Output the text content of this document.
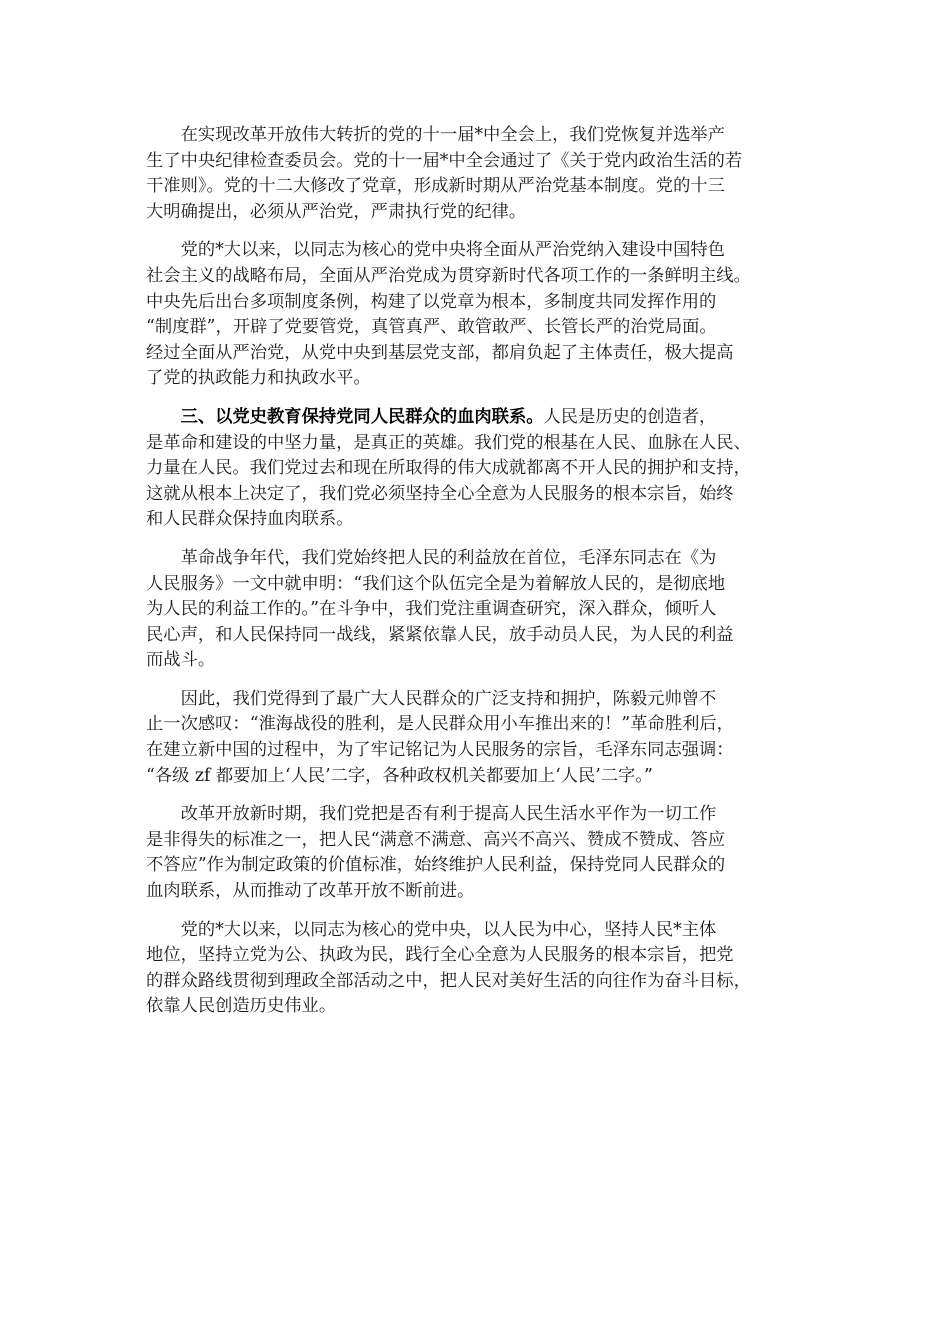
在实现改革开放伟大转折的党的十一届*中全会上，我们党恢复并选举产
生了中央纪律检查委员会。党的十一届*中全会通过了《关于党内政治生活的若
干准则》。党的十二大修改了党章，形成新时期从严治党基本制度。党的十三
大明确提出，必须从严治党，严肃执行党的纪律。

党的*大以来，以同志为核心的党中央将全面从严治党纳入建设中国特色
社会主义的战略布局，全面从严治党成为贯穿新时代各项工作的一条鲜明主线。
中央先后出台多项制度条例，构建了以党章为根本，多制度共同发挥作用的
“制度群”，开辟了党要管党，真管真严、敢管敢严、长管长严的治党局面。
经过全面从严治党，从党中央到基层党支部，都肩负起了主体责任，极大提高
了党的执政能力和执政水平。

三、以党史教育保持党同人民群众的血肉联系。人民是历史的创造者，
是革命和建设的中坚力量，是真正的英雄。我们党的根基在人民、血脉在人民、
力量在人民。我们党过去和现在所取得的伟大成就都离不开人民的拥护和支持，
这就从根本上决定了，我们党必须坚持全心全意为人民服务的根本宗旨，始终
和人民群众保持血肉联系。

革命战争年代，我们党始终把人民的利益放在首位，毛泽东同志在《为
人民服务》一文中就申明：“我们这个队伍完全是为着解放人民的，是彻底地
为人民的利益工作的。”在斗争中，我们党注重调查研究，深入群众，倾听人
民心声，和人民保持同一战线，紧紧依靠人民，放手动员人民，为人民的利益
而战斗。

因此，我们党得到了最广大人民群众的广泛支持和拥护，陈毅元帅曾不
止一次感叹：“淮海战役的胜利，是人民群众用小车推出来的！”革命胜利后，
在建立新中国的过程中，为了牢记铭记为人民服务的宗旨，毛泽东同志强调：
“各级 zf 都要加上‘人民’二字，各种政权机关都要加上‘人民’二字。”

改革开放新时期，我们党把是否有利于提高人民生活水平作为一切工作
是非得失的标准之一，把人民“满意不满意、高兴不高兴、赞成不赞成、答应
不答应”作为制定政策的价值标准，始终维护人民利益，保持党同人民群众的
血肉联系，从而推动了改革开放不断前进。

党的*大以来，以同志为核心的党中央，以人民为中心，坚持人民*主体
地位，坚持立党为公、执政为民，践行全心全意为人民服务的根本宗旨，把党
的群众路线贯彻到理政全部活动之中，把人民对美好生活的向往作为奋斗目标，
依靠人民创造历史伟业。
